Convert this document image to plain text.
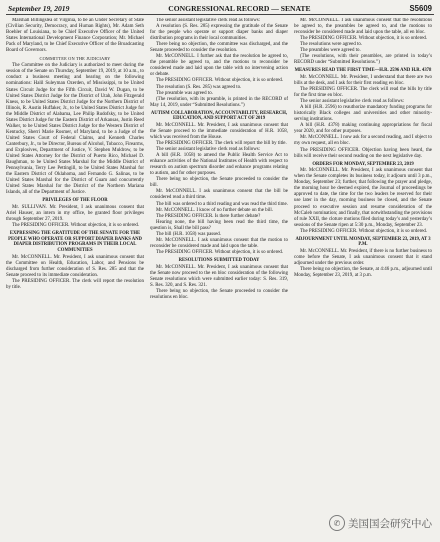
September 19, 2019	CONGRESSIONAL RECORD — SENATE	S5609

Marshall Billingslea of Virginia, to be an Under Secretary of State (Civilian Security, Democracy, and Human Rights), Mr. Adam Seth Boehler of Louisiana, to be Chief Executive Officer of the United States International Development Finance Corporation; Mr. Michael Pack of Maryland, to be Chief Executive Officer of the Broadcasting Board of Governors.

COMMITTEE ON THE JUDICIARY

The Committee on the Judiciary is authorized to meet during the session of the Senate on Thursday, September 19, 2019, at 10 a.m., to conduct a business meeting and hearing on the following nominations: Halil Suleyman Ozerden, of Mississippi, to be United States Circuit Judge for the Fifth Circuit, David W. Dugan, to be United States District Judge for the District of Utah, John Fitzgerald Kness, to be United States District Judge for the Northern District of Illinois, R. Austin Huffaker, Jr., to be United States District Judge for the Middle District of Alabama, Lee Philip Rudofsky, to be United States District Judge for the Eastern District of Arkansas, Justin Reed Walker, to be United States District Judge for the Western District of Kentucky, Sherri Marie Rosmer, of Maryland, to be a Judge of the United States Court of Federal Claims, and Kenneth Charles Canterbury, Jr., to be Director, Bureau of Alcohol, Tobacco, Firearms, and Explosives, Department of Justice, V. Stephen Muldrow, to be United States Attorney for the District of Puerto Rico, Michael D. Baughman, to be United States Marshal for the Middle District of Pennsylvania, Terry Lee Pettingill, to be United States Marshal for the Eastern District of Oklahoma, and Fernando G. Salinas, to be United States Marshal for the District of Guam and concurrently United States Marshal for the District of the Northern Mariana Islands, all of the Department of Justice.

PRIVILEGES OF THE FLOOR

Mr. SULLIVAN. Mr. President, I ask unanimous consent that Ariel Hauser, an intern in my office, be granted floor privileges through September 27, 2019.

The PRESIDING OFFICER. Without objection, it is so ordered.

EXPRESSING THE GRATITUDE OF THE SENATE FOR THE PEOPLE WHO OPERATE OR SUPPORT DIAPER BANKS AND DIAPER DISTRIBUTION PROGRAMS IN THEIR LOCAL COMMUNITIES

Mr. McCONNELL. Mr. President, I ask unanimous consent that the Committee on Health, Education, Labor, and Pensions be discharged from further consideration of S. Res. 285 and that the Senate proceed to its immediate consideration.

The PRESIDING OFFICER. The clerk will report the resolution by title.

The senior assistant legislative clerk read as follows:

A resolution (S. Res. 285) expressing the gratitude of the Senate for the people who operate or support diaper banks and diaper distribution programs in their local communities.

There being no objection, the committee was discharged, and the Senate proceeded to consider the resolution.

Mr. McCONNELL. I further ask that the resolution be agreed to, the preamble be agreed to, and the motions to reconsider be considered made and laid upon the table with no intervening action or debate.

The PRESIDING OFFICER. Without objection, it is so ordered.

The resolution (S. Res. 285) was agreed to.

The preamble was agreed to.

(The resolution, with its preamble, is printed in the RECORD of May 14, 2019, under “Submitted Resolutions.”)

AUTISM COLLABORATION, ACCOUNTABILITY, RESEARCH, EDUCATION, AND SUPPORT ACT OF 2019

Mr. McCONNELL. Mr. President, I ask unanimous consent that the Senate proceed to the immediate consideration of H.R. 1058, which was received from the House.

The PRESIDING OFFICER. The clerk will report the bill by title.

The senior assistant legislative clerk read as follows:

A bill (H.R. 1058) to amend the Public Health Service Act to enhance activities of the National Institutes of Health with respect to research on autism spectrum disorder and enhance programs relating to autism, and for other purposes.

There being no objection, the Senate proceeded to consider the bill.

Mr. McCONNELL. I ask unanimous consent that the bill be considered read a third time.

The bill was ordered to a third reading and was read the third time.

Mr. McCONNELL. I know of no further debate on the bill.

The PRESIDING OFFICER. Is there further debate?

Hearing none, the bill having been read the third time, the question is, Shall the bill pass?

The bill (H.R. 1058) was passed.

Mr. McCONNELL. I ask unanimous consent that the motion to reconsider be considered made and laid upon the table.

The PRESIDING OFFICER. Without objection, it is so ordered.

RESOLUTIONS SUBMITTED TODAY

Mr. McCONNELL. Mr. President, I ask unanimous consent that the Senate now proceed to the en bloc consideration of the following Senate resolutions which were submitted earlier today: S. Res. 319, S. Res. 320, and S. Res. 321.

There being no objection, the Senate proceeded to consider the resolutions en bloc.

Mr. McCONNELL. I ask unanimous consent that the resolutions be agreed to, the preambles be agreed to, and the motions to reconsider be considered made and laid upon the table, all en bloc.

The PRESIDING OFFICER. Without objection, it is so ordered.

The resolutions were agreed to.

The preambles were agreed to.

(The resolutions, with their preambles, are printed in today’s RECORD under “Submitted Resolutions.”)

MEASURES READ THE FIRST TIME—H.R. 2596 AND H.R. 4378

Mr. McCONNELL. Mr. President, I understand that there are two bills at the desk, and I ask for their first reading en bloc.

The PRESIDING OFFICER. The clerk will read the bills by title for the first time en bloc.

The senior assistant legislative clerk read as follows:

A bill (H.R. 2596) to reauthorize mandatory funding programs for historically Black colleges and universities and other minority-serving institutions.

A bill (H.R. 4378) making continuing appropriations for fiscal year 2020, and for other purposes.

Mr. McCONNELL. I now ask for a second reading, and I object to my own request, all en bloc.

The PRESIDING OFFICER. Objection having been heard, the bills will receive their second reading on the next legislative day.

ORDERS FOR MONDAY, SEPTEMBER 23, 2019

Mr. McCONNELL. Mr. President, I ask unanimous consent that when the Senate completes its business today, it adjourn until 3 p.m., Monday, September 23; further, that following the prayer and pledge, the morning hour be deemed expired, the Journal of proceedings be approved to date, the time for the two leaders be reserved for their use later in the day, morning business be closed, and the Senate proceed to executive session and resume consideration of the McCaleb nomination; and finally, that notwithstanding the provisions of rule XXII, the cloture motions filed during today’s and yesterday’s sessions of the Senate ripen at 5:30 p.m., Monday, September 23.

The PRESIDING OFFICER. Without objection, it is so ordered.

ADJOURNMENT UNTIL MONDAY, SEPTEMBER 23, 2019, AT 3 P.M.

Mr. McCONNELL. Mr. President, if there is no further business to come before the Senate, I ask unanimous consent that it stand adjourned under the previous order.

There being no objection, the Senate, at 4:46 p.m., adjourned until Monday, September 23, 2019, at 3 p.m.

✆ 美国国会研究中心
